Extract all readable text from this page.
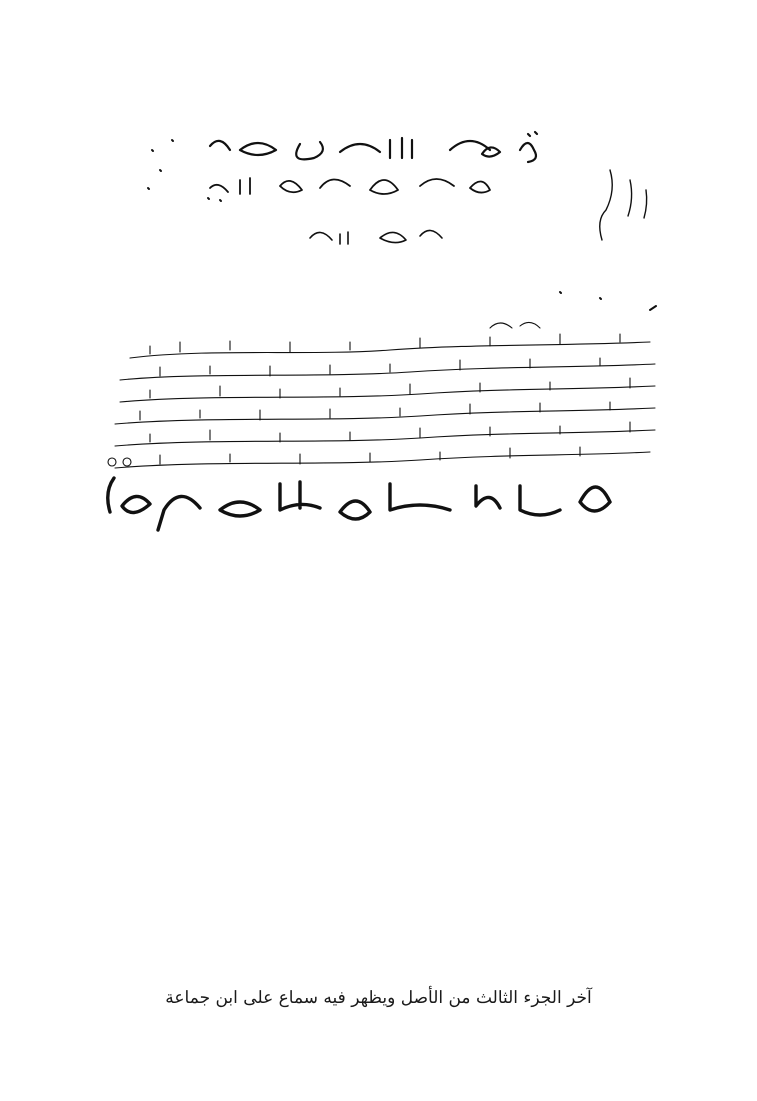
آخر الجزء الثالث من الأصل ويظهر فيه سماع على ابن جماعة
